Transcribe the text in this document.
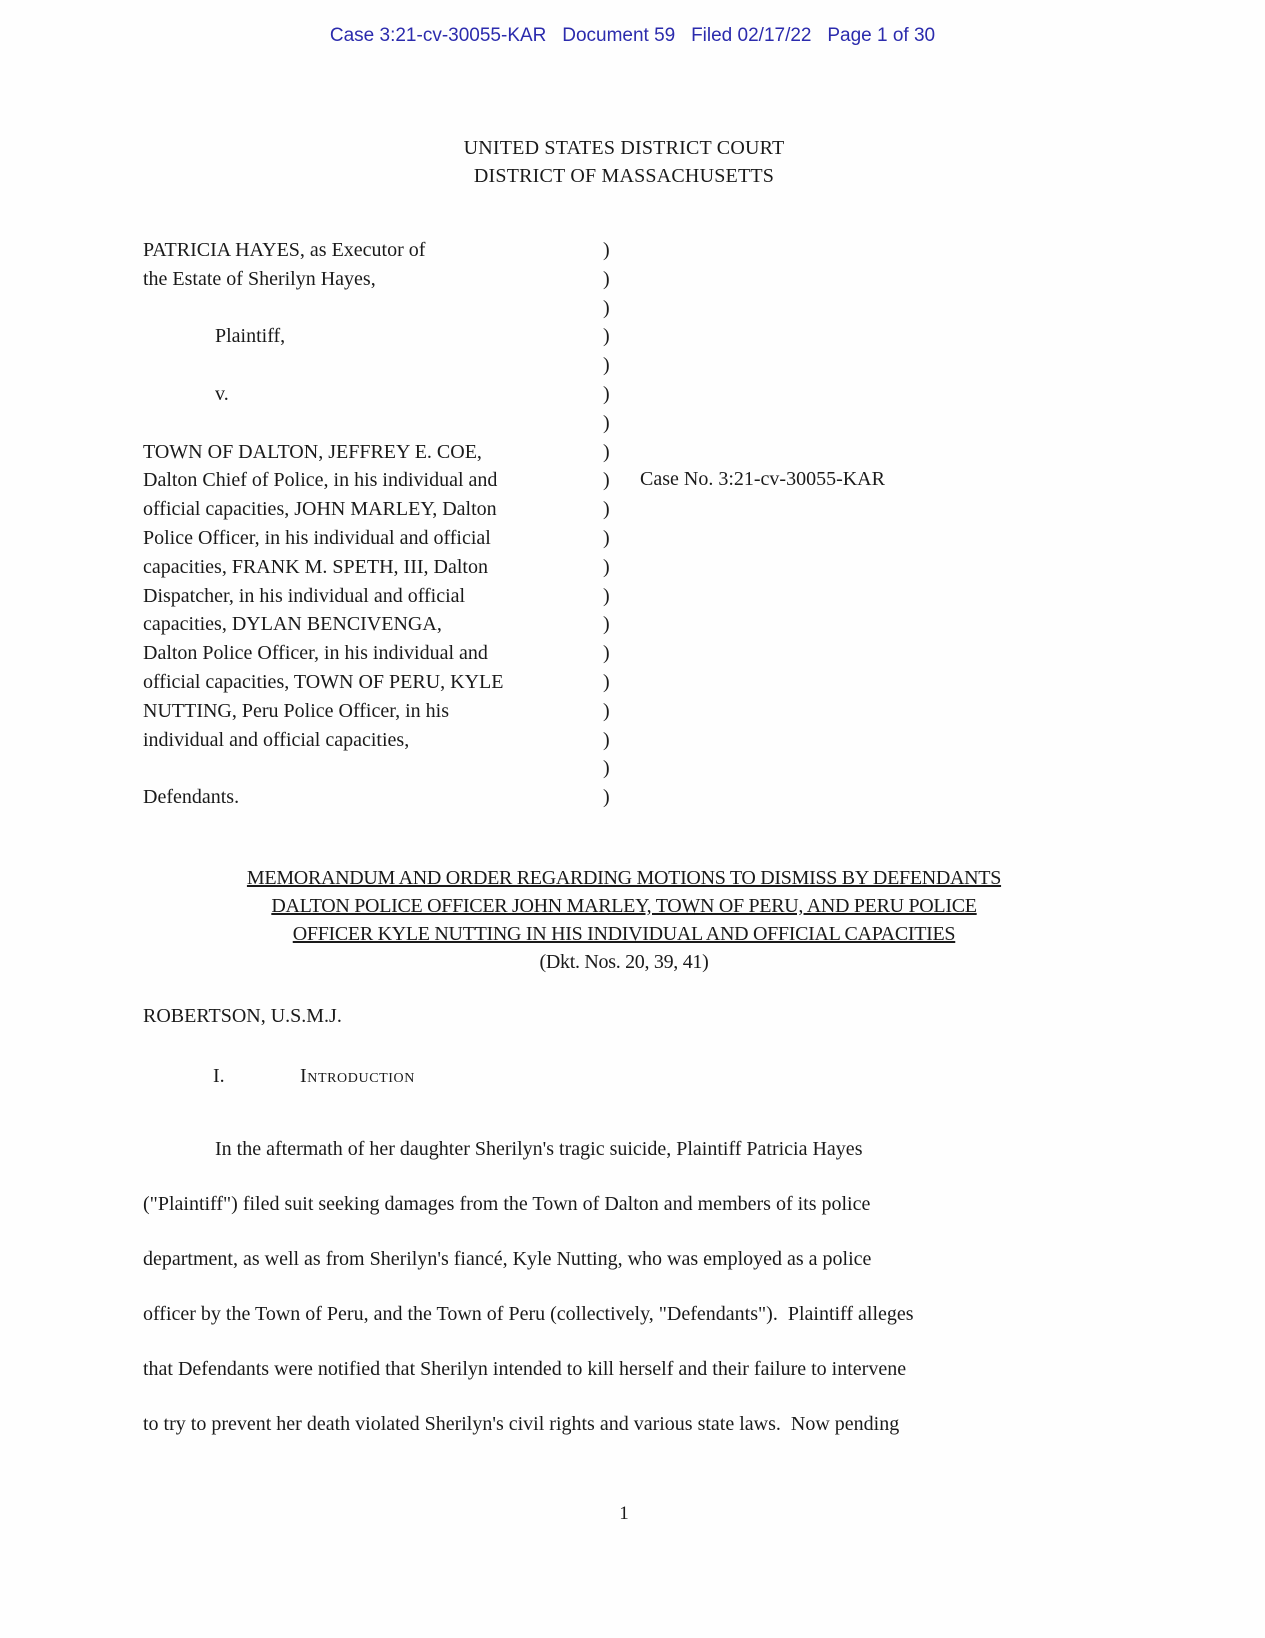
Case 3:21-cv-30055-KAR   Document 59   Filed 02/17/22   Page 1 of 30
UNITED STATES DISTRICT COURT
DISTRICT OF MASSACHUSETTS
PATRICIA HAYES, as Executor of
the Estate of Sherilyn Hayes,
Plaintiff,
v.
TOWN OF DALTON, JEFFREY E. COE,
Dalton Chief of Police, in his individual and
official capacities, JOHN MARLEY, Dalton
Police Officer, in his individual and official
capacities, FRANK M. SPETH, III, Dalton
Dispatcher, in his individual and official
capacities, DYLAN BENCIVENGA,
Dalton Police Officer, in his individual and
official capacities, TOWN OF PERU, KYLE
NUTTING, Peru Police Officer, in his
individual and official capacities,
Defendants.
)
)
)
)
)
)
)
)
)
)
)
)
)
)
)
)
)
)
)
)
Case No. 3:21-cv-30055-KAR
MEMORANDUM AND ORDER REGARDING MOTIONS TO DISMISS BY DEFENDANTS
DALTON POLICE OFFICER JOHN MARLEY, TOWN OF PERU, AND PERU POLICE
OFFICER KYLE NUTTING IN HIS INDIVIDUAL AND OFFICIAL CAPACITIES
(Dkt. Nos. 20, 39, 41)
ROBERTSON, U.S.M.J.
I.	Introduction
In the aftermath of her daughter Sherilyn's tragic suicide, Plaintiff Patricia Hayes
("Plaintiff") filed suit seeking damages from the Town of Dalton and members of its police
department, as well as from Sherilyn's fiancé, Kyle Nutting, who was employed as a police
officer by the Town of Peru, and the Town of Peru (collectively, "Defendants").  Plaintiff alleges
that Defendants were notified that Sherilyn intended to kill herself and their failure to intervene
to try to prevent her death violated Sherilyn's civil rights and various state laws.  Now pending
1
